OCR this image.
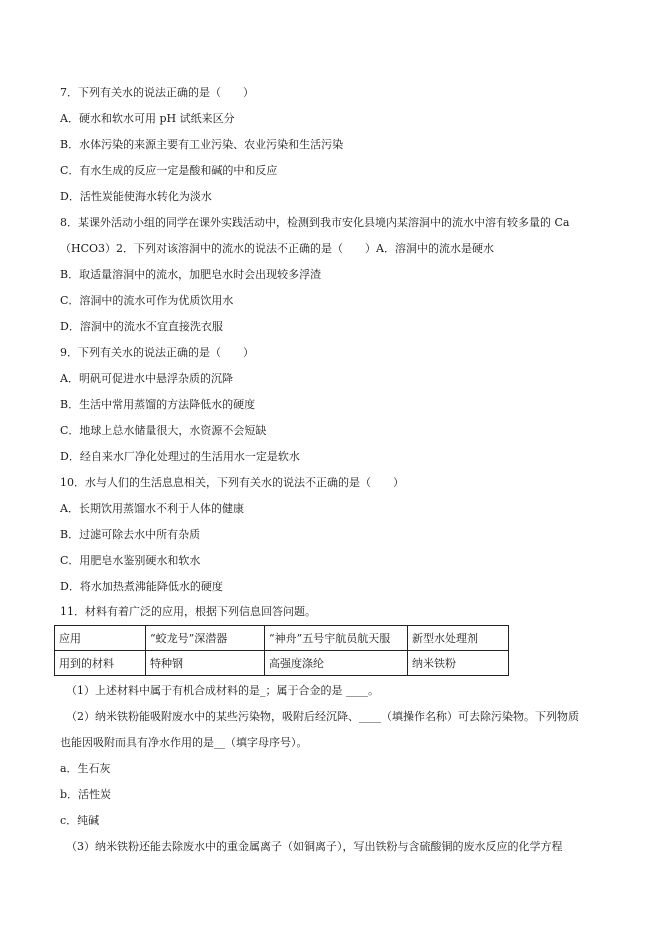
7．下列有关水的说法正确的是（　　）
A．硬水和软水可用 pH 试纸来区分
B．水体污染的来源主要有工业污染、农业污染和生活污染
C．有水生成的反应一定是酸和碱的中和反应
D．活性炭能使海水转化为淡水
8．某课外活动小组的同学在课外实践活动中，检测到我市安化县境内某溶洞中的流水中溶有较多量的 Ca
（HCO3）2．下列对该溶洞中的流水的说法不正确的是（　　）A．溶洞中的流水是硬水
B．取适量溶洞中的流水，加肥皂水时会出现较多浮渣
C．溶洞中的流水可作为优质饮用水
D．溶洞中的流水不宜直接洗衣服
9．下列有关水的说法正确的是（　　）
A．明矾可促进水中悬浮杂质的沉降
B．生活中常用蒸馏的方法降低水的硬度
C．地球上总水储量很大，水资源不会短缺
D．经自来水厂净化处理过的生活用水一定是软水
10．水与人们的生活息息相关，下列有关水的说法不正确的是（　　）
A．长期饮用蒸馏水不利于人体的健康
B．过滤可除去水中所有杂质
C．用肥皂水鉴别硬水和软水
D．将水加热煮沸能降低水的硬度
11．材料有着广泛的应用，根据下列信息回答问题。
应用	“蛟龙号”深潜器	“神舟”五号宇航员航天服	新型水处理剂
用到的材料	特种钢	高强度涤纶	纳米铁粉
（1）上述材料中属于有机合成材料的是_；属于合金的是 ____。
（2）纳米铁粉能吸附废水中的某些污染物，吸附后经沉降、____（填操作名称）可去除污染物。下列物质
也能因吸附而具有净水作用的是__（填字母序号）。
a．生石灰
b．活性炭
c．纯碱
（3）纳米铁粉还能去除废水中的重金属离子（如铜离子），写出铁粉与含硫酸铜的废水反应的化学方程
